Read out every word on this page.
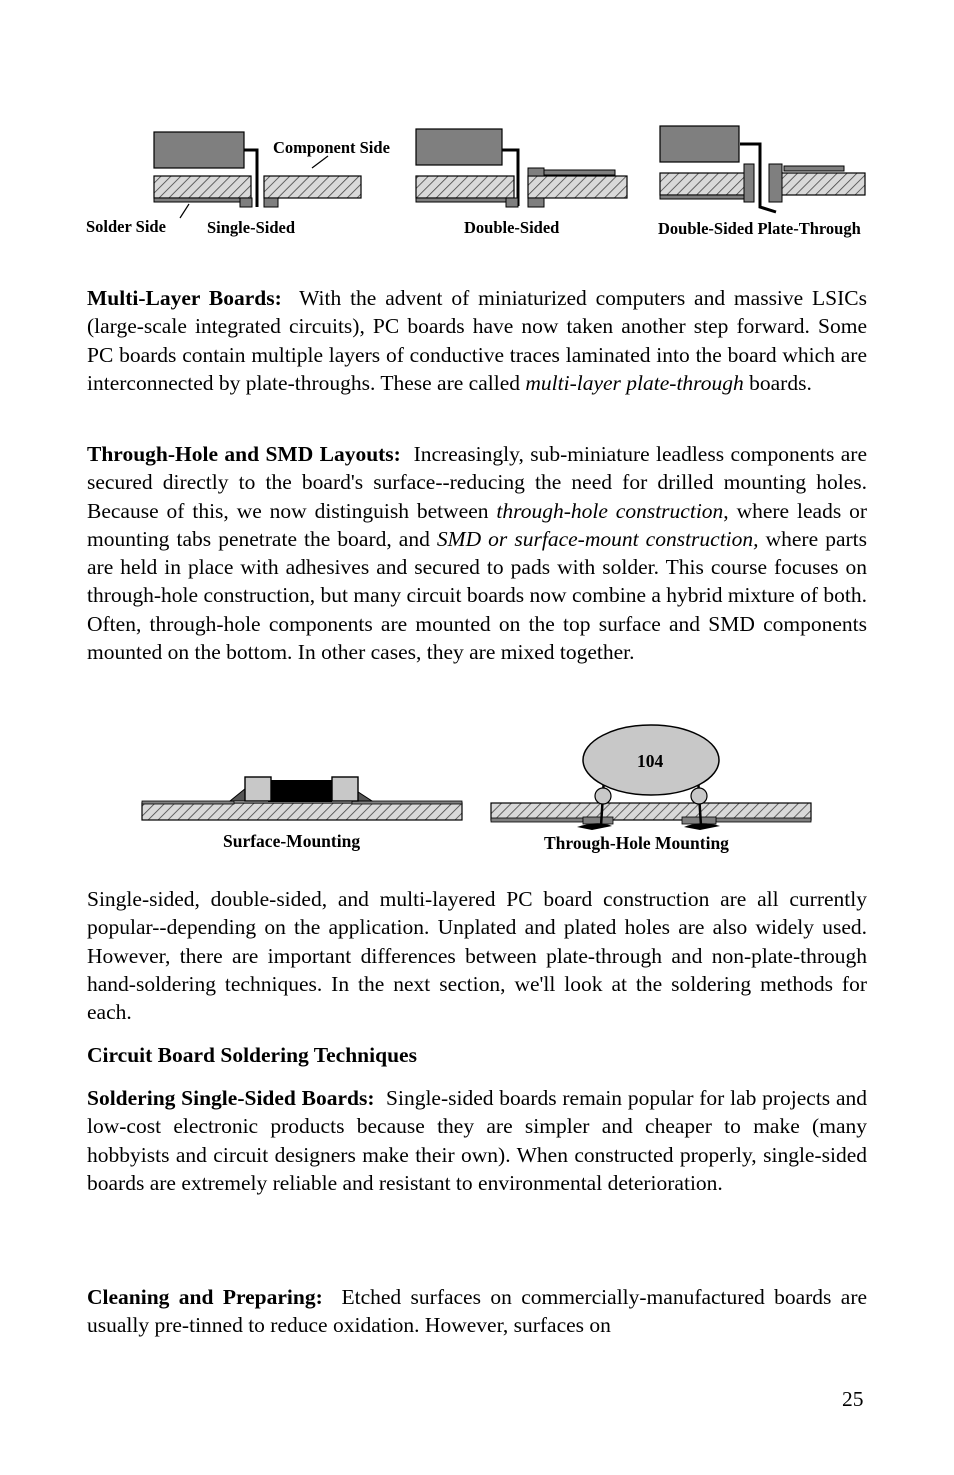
Component Side
Solder Side Single-Sided	Double-Sided	Double-Sided Plate-Through

Multi-Layer Boards: With the advent of miniaturized computers and massive LSICs (large-scale integrated circuits), PC boards have now taken another step forward. Some PC boards contain multiple layers of conductive traces laminated into the board which are interconnected by plate-throughs. These are called multi-layer plate-through boards.

Through-Hole and SMD Layouts: Increasingly, sub-miniature leadless components are secured directly to the board's surface--reducing the need for drilled mounting holes. Because of this, we now distinguish between through-hole construction, where leads or mounting tabs penetrate the board, and SMD or surface-mount construction, where parts are held in place with adhesives and secured to pads with solder. This course focuses on through-hole construction, but many circuit boards now combine a hybrid mixture of both. Often, through-hole components are mounted on the top surface and SMD components mounted on the bottom. In other cases, they are mixed together.

104
Surface-Mounting	Through-Hole Mounting

Single-sided, double-sided, and multi-layered PC board construction are all currently popular--depending on the application. Unplated and plated holes are also widely used. However, there are important differences between plate-through and non-plate-through hand-soldering techniques. In the next section, we'll look at the soldering methods for each.

Circuit Board Soldering Techniques

Soldering Single-Sided Boards: Single-sided boards remain popular for lab projects and low-cost electronic products because they are simpler and cheaper to make (many hobbyists and circuit designers make their own). When constructed properly, single-sided boards are extremely reliable and resistant to environmental deterioration.

Cleaning and Preparing: Etched surfaces on commercially-manufactured boards are usually pre-tinned to reduce oxidation. However, surfaces on

25
